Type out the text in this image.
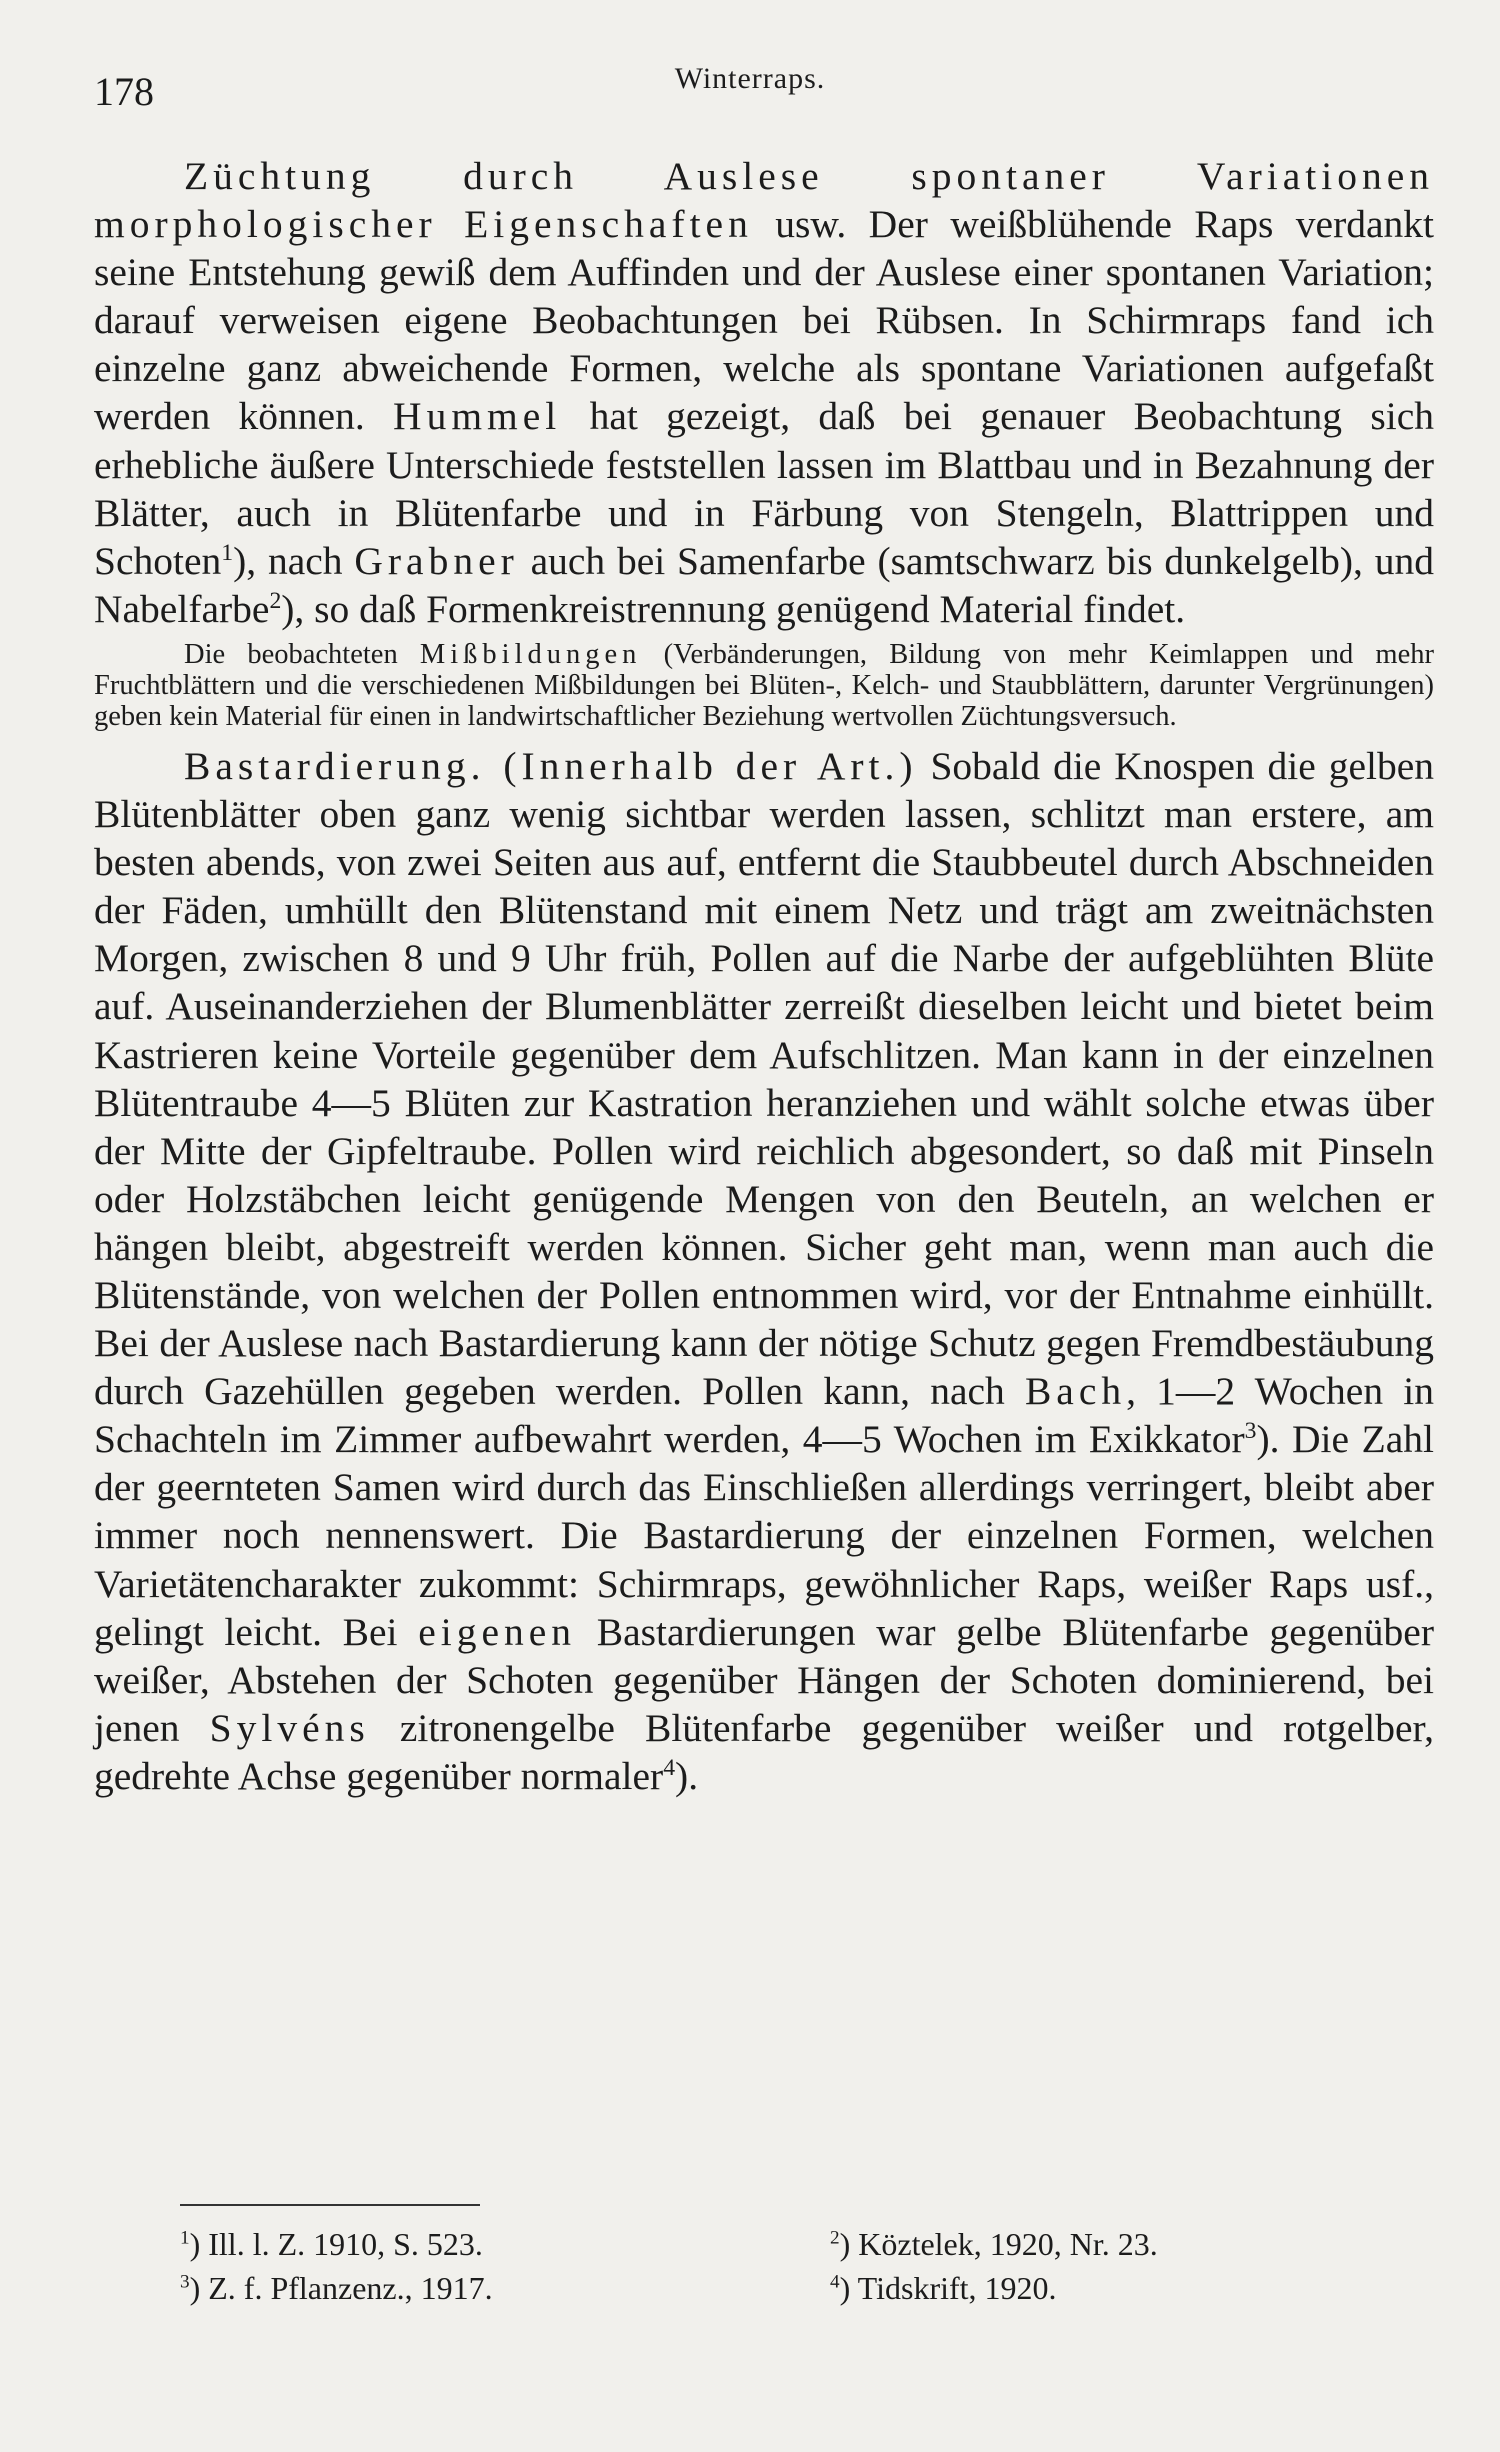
178	Winterraps.

Züchtung durch Auslese spontaner Variationen morphologischer Eigenschaften usw. Der weißblühende Raps verdankt seine Entstehung gewiß dem Auffinden und der Auslese einer spontanen Variation; darauf verweisen eigene Beobachtungen bei Rübsen. In Schirmraps fand ich einzelne ganz abweichende Formen, welche als spontane Variationen aufgefaßt werden können. Hummel hat gezeigt, daß bei genauer Beobachtung sich erhebliche äußere Unterschiede feststellen lassen im Blattbau und in Bezahnung der Blätter, auch in Blütenfarbe und in Färbung von Stengeln, Blattrippen und Schoten$^1$), nach Grabner auch bei Samenfarbe (samtschwarz bis dunkelgelb), und Nabelfarbe$^2$), so daß Formenkreistrennung genügend Material findet.

Die beobachteten Mißbildungen (Verbänderungen, Bildung von mehr Keimlappen und mehr Fruchtblättern und die verschiedenen Mißbildungen bei Blüten-, Kelch- und Staubblättern, darunter Vergrünungen) geben kein Material für einen in landwirtschaftlicher Beziehung wertvollen Züchtungsversuch.

Bastardierung. (Innerhalb der Art.) Sobald die Knospen die gelben Blütenblätter oben ganz wenig sichtbar werden lassen, schlitzt man erstere, am besten abends, von zwei Seiten aus auf, entfernt die Staubbeutel durch Abschneiden der Fäden, umhüllt den Blütenstand mit einem Netz und trägt am zweitnächsten Morgen, zwischen 8 und 9 Uhr früh, Pollen auf die Narbe der aufgeblühten Blüte auf. Auseinanderziehen der Blumenblätter zerreißt dieselben leicht und bietet beim Kastrieren keine Vorteile gegenüber dem Aufschlitzen. Man kann in der einzelnen Blütentraube 4—5 Blüten zur Kastration heranziehen und wählt solche etwas über der Mitte der Gipfeltraube. Pollen wird reichlich abgesondert, so daß mit Pinseln oder Holzstäbchen leicht genügende Mengen von den Beuteln, an welchen er hängen bleibt, abgestreift werden können. Sicher geht man, wenn man auch die Blütenstände, von welchen der Pollen entnommen wird, vor der Entnahme einhüllt. Bei der Auslese nach Bastardierung kann der nötige Schutz gegen Fremdbestäubung durch Gazehüllen gegeben werden. Pollen kann, nach Bach, 1—2 Wochen in Schachteln im Zimmer aufbewahrt werden, 4—5 Wochen im Exikkator$^3$). Die Zahl der geernteten Samen wird durch das Einschließen allerdings verringert, bleibt aber immer noch nennenswert. Die Bastardierung der einzelnen Formen, welchen Varietätencharakter zukommt: Schirmraps, gewöhnlicher Raps, weißer Raps usf., gelingt leicht. Bei eigenen Bastardierungen war gelbe Blütenfarbe gegenüber weißer, Abstehen der Schoten gegenüber Hängen der Schoten dominierend, bei jenen Sylvéns zitronengelbe Blütenfarbe gegenüber weißer und rotgelber, gedrehte Achse gegenüber normaler$^4$).

$^1$) Ill. l. Z. 1910, S. 523.	$^2$) Köztelek, 1920, Nr. 23.
$^3$) Z. f. Pflanzenz., 1917.	$^4$) Tidskrift, 1920.
